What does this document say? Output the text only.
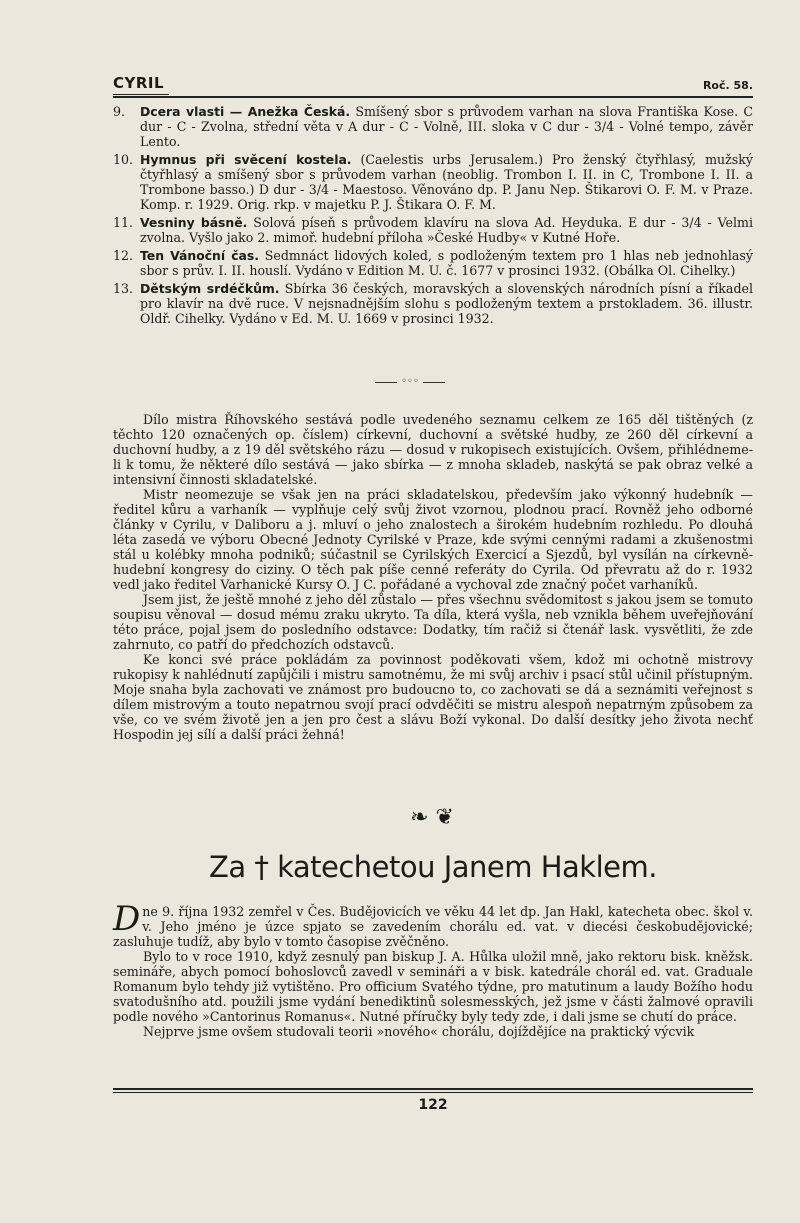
CYRIL	Roč. 58.
9. Dcera vlasti — Anežka Česká. Smíšený sbor s průvodem varhan na slova Františka Kose. C dur - C - Zvolna, střední věta v A dur - C - Volně, III. sloka v C dur - 3/4 - Volné tempo, závěr Lento.
10. Hymnus při svěcení kostela. (Caelestis urbs Jerusalem.) Pro ženský čtyřhlasý, mužský čtyřhlasý a smíšený sbor s průvodem varhan (neoblig. Trombon I. II. in C, Trombone I. II. a Trombone basso.) D dur - 3/4 - Maestoso. Věnováno dp. P. Janu Nep. Štikarovi O. F. M. v Praze. Komp. r. 1929. Orig. rkp. v majetku P. J. Štikara O. F. M.
11. Vesniny básně. Solová píseň s průvodem klavíru na slova Ad. Heyduka. E dur - 3/4 - Velmi zvolna. Vyšlo jako 2. mimoř. hudební příloha »České Hudby« v Kutné Hoře.
12. Ten Vánoční čas. Sedmnáct lidových koled, s podloženým textem pro 1 hlas neb jednohlasý sbor s prův. I. II. houslí. Vydáno v Edition M. U. č. 1677 v prosinci 1932. (Obálka Ol. Cihelky.)
13. Dětským srdéčkům. Sbírka 36 českých, moravských a slovenských národních písní a říkadel pro klavír na dvě ruce. V nejsnadnějším slohu s podloženým textem a prstokladem. 36. illustr. Oldř. Cihelky. Vydáno v Ed. M. U. 1669 v prosinci 1932.
◦◦◦

Dílo mistra Říhovského sestává podle uvedeného seznamu celkem ze 165 děl tištěných (z těchto 120 označených op. číslem) církevní, duchovní a světské hudby, ze 260 děl církevní a duchovní hudby, a z 19 děl světského rázu — dosud v rukopisech existujících. Ovšem, přihlédneme-li k tomu, že některé dílo sestává — jako sbírka — z mnoha skladeb, naskýtá se pak obraz velké a intensivní činnosti skladatelské.

Mistr neomezuje se však jen na práci skladatelskou, především jako výkonný hudebník — ředitel kůru a varhaník — vyplňuje celý svůj život vzornou, plodnou prací. Rovněž jeho odborné články v Cyrilu, v Daliboru a j. mluví o jeho znalostech a širokém hudebním rozhledu. Po dlouhá léta zasedá ve výboru Obecné Jednoty Cyrilské v Praze, kde svými cennými radami a zkušenostmi stál u kolébky mnoha podniků; súčastnil se Cyrilských Exercicí a Sjezdů, byl vysílán na církevně-hudební kongresy do ciziny. O těch pak píše cenné referáty do Cyrila. Od převratu až do r. 1932 vedl jako ředitel Varhanické Kursy O. J C. pořádané a vychoval zde značný počet varhaníků.

Jsem jist, že ještě mnohé z jeho děl zůstalo — přes všechnu svědomitost s jakou jsem se tomuto soupisu věnoval — dosud mému zraku ukryto. Ta díla, která vyšla, neb vznikla během uveřejňování této práce, pojal jsem do posledního odstavce: Dodatky, tím račiž si čtenář lask. vysvětliti, že zde zahrnuto, co patří do předchozích odstavců.

Ke konci své práce pokládám za povinnost poděkovati všem, kdož mi ochotně mistrovy rukopisy k nahlédnutí zapůjčili i mistru samotnému, že mi svůj archiv i psací stůl učinil přístupným. Moje snaha byla zachovati ve známost pro budoucno to, co zachovati se dá a seznámiti veřejnost s dílem mistrovým a touto nepatrnou svojí prací odvděčiti se mistru alespoň nepatrným způsobem za vše, co ve svém životě jen a jen pro čest a slávu Boží vykonal. Do další desítky jeho života nechť Hospodin jej sílí a další práci žehná!

❧ ❦
Za † katechetou Janem Haklem.

D ne 9. října 1932 zemřel v Čes. Budějovicích ve věku 44 let dp. Jan Hakl, katecheta obec. škol v. v. Jeho jméno je úzce spjato se zavedením chorálu ed. vat. v diecési českobudějovické; zasluhuje tudíž, aby bylo v tomto časopise zvěčněno.

Bylo to v roce 1910, když zesnulý pan biskup J. A. Hůlka uložil mně, jako rektoru bisk. kněžsk. semináře, abych pomocí bohoslovců zavedl v semináři a v bisk. katedrále chorál ed. vat. Graduale Romanum bylo tehdy již vytištěno. Pro officium Svatého týdne, pro matutinum a laudy Božího hodu svatodušního atd. použili jsme vydání benediktinů solesmesských, jež jsme v části žalmové opravili podle nového »Cantorinus Romanus«. Nutné příručky byly tedy zde, i dali jsme se chutí do práce.

Nejprve jsme ovšem studovali teorii »nového« chorálu, dojíždějíce na praktický výcvik

122
